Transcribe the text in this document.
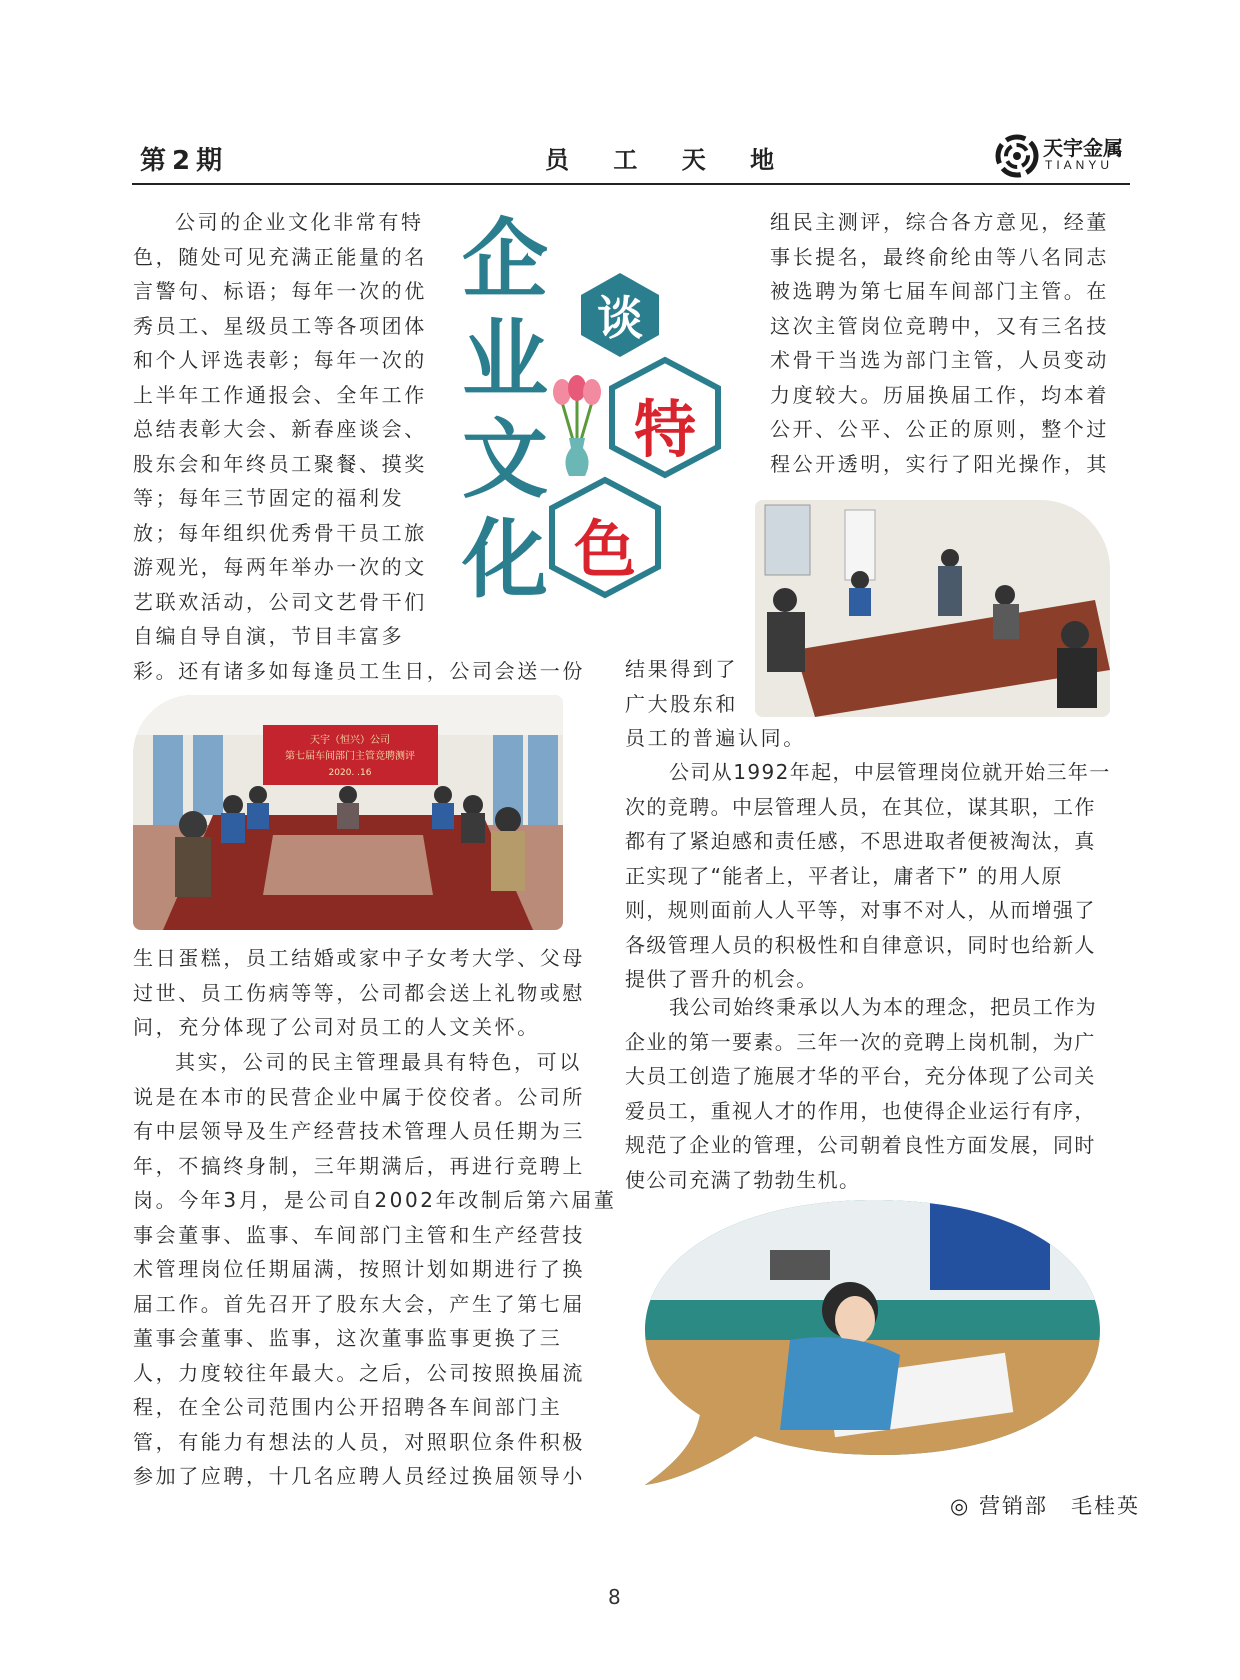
第2期	员 工 天 地	天宇金属
TIANYU
公司的企业文化非常有特
色，随处可见充满正能量的名
言警句、标语；每年一次的优
秀员工、星级员工等各项团体
和个人评选表彰；每年一次的
上半年工作通报会、全年工作
总结表彰大会、新春座谈会、
股东会和年终员工聚餐、摸奖
等；每年三节固定的福利发
放；每年组织优秀骨干员工旅
游观光，每两年举办一次的文
艺联欢活动，公司文艺骨干们
自编自导自演，节目丰富多
彩。还有诸多如每逢员工生日，公司会送一份
企
业
文
化
谈
特
色
天宇（恒兴）公司
第七届车间部门主管竞聘测评
2020. .16
生日蛋糕，员工结婚或家中子女考大学、父母
过世、员工伤病等等，公司都会送上礼物或慰
问，充分体现了公司对员工的人文关怀。
其实，公司的民主管理最具有特色，可以
说是在本市的民营企业中属于佼佼者。公司所
有中层领导及生产经营技术管理人员任期为三
年，不搞终身制，三年期满后，再进行竞聘上
岗。今年3月，是公司自2002年改制后第六届董
事会董事、监事、车间部门主管和生产经营技
术管理岗位任期届满，按照计划如期进行了换
届工作。首先召开了股东大会，产生了第七届
董事会董事、监事，这次董事监事更换了三
人，力度较往年最大。之后，公司按照换届流
程，在全公司范围内公开招聘各车间部门主
管，有能力有想法的人员，对照职位条件积极
参加了应聘，十几名应聘人员经过换届领导小
组民主测评，综合各方意见，经董
事长提名，最终俞纶由等八名同志
被选聘为第七届车间部门主管。在
这次主管岗位竞聘中，又有三名技
术骨干当选为部门主管，人员变动
力度较大。历届换届工作，均本着
公开、公平、公正的原则，整个过
程公开透明，实行了阳光操作，其
结果得到了
广大股东和
员工的普遍认同。
公司从1992年起，中层管理岗位就开始三年一
次的竞聘。中层管理人员，在其位，谋其职，工作
都有了紧迫感和责任感，不思进取者便被淘汰，真
正实现了“能者上，平者让，庸者下” 的用人原
则，规则面前人人平等，对事不对人，从而增强了
各级管理人员的积极性和自律意识，同时也给新人
提供了晋升的机会。
我公司始终秉承以人为本的理念，把员工作为
企业的第一要素。三年一次的竞聘上岗机制，为广
大员工创造了施展才华的平台，充分体现了公司关
爱员工，重视人才的作用，也使得企业运行有序，
规范了企业的管理，公司朝着良性方面发展，同时
使公司充满了勃勃生机。
◎ 营销部　毛桂英
8
